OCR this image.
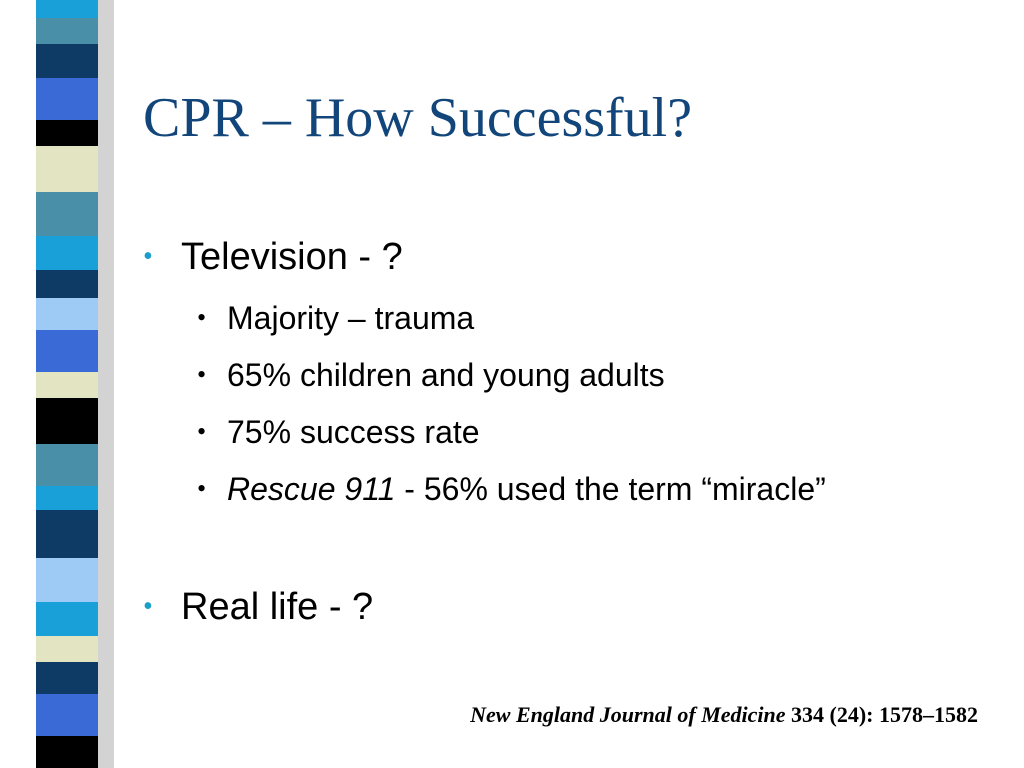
CPR – How Successful?
• Television - ?
• Majority – trauma
• 65% children and young adults
• 75% success rate
• Rescue 911 - 56% used the term “miracle”
• Real life - ?

New England Journal of Medicine 334 (24): 1578–1582
